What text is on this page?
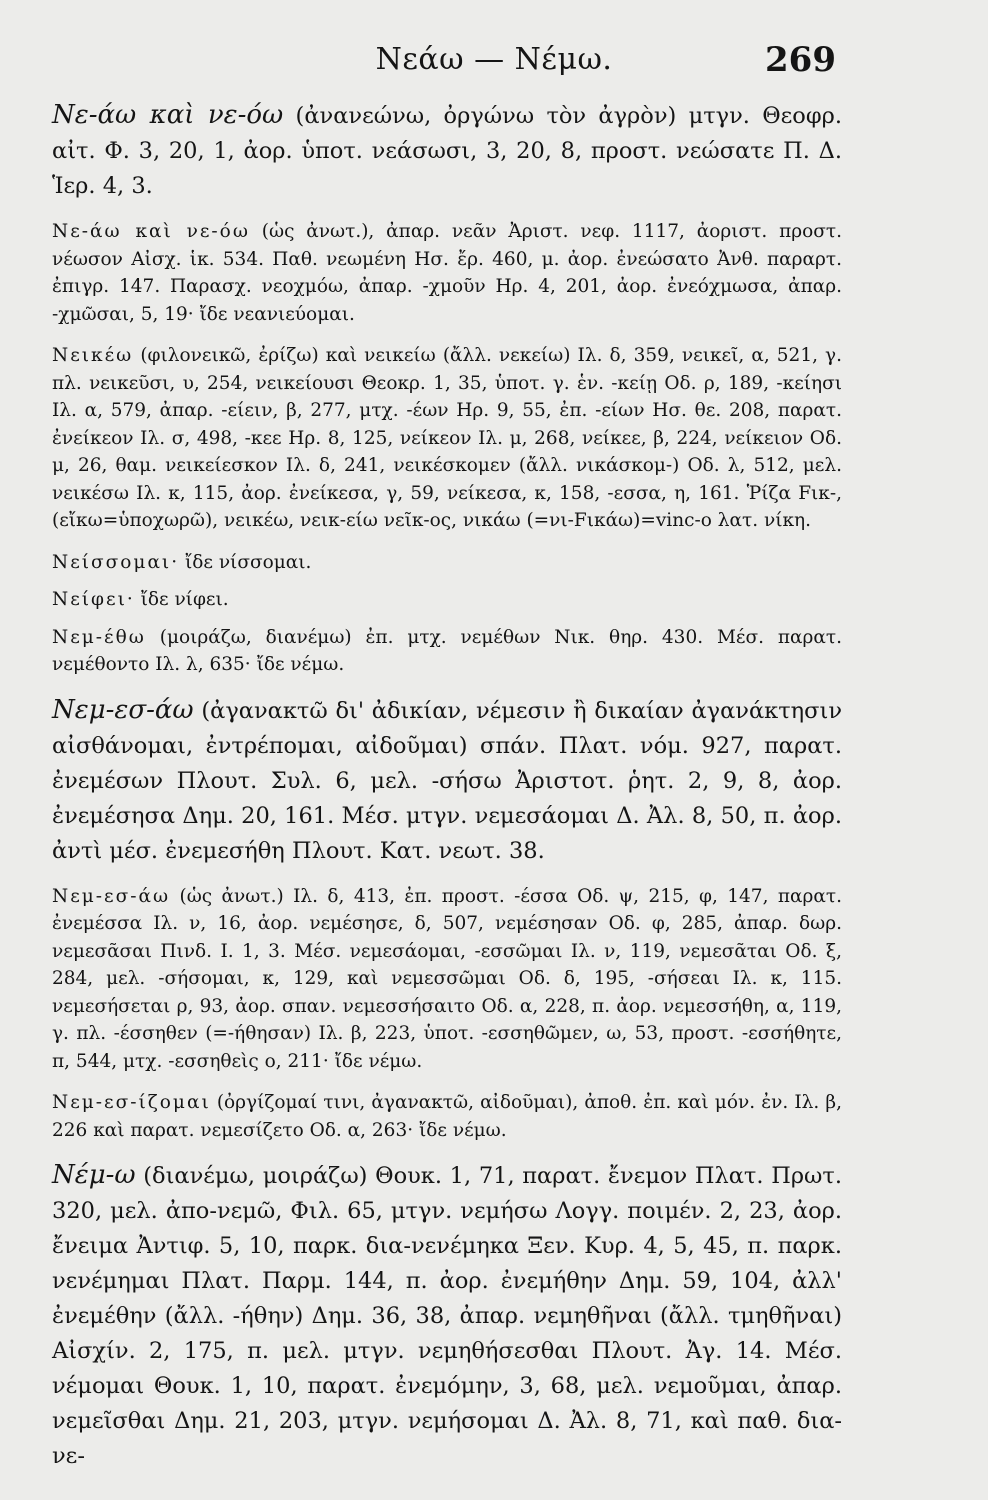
Νεάω — Νέμω.	269

Νε-άω καὶ νε-όω (ἀνανεώνω, ὀργώνω τὸν ἀγρὸν) μτγν. Θεοφρ. αἰτ. Φ. 3, 20, 1, ἀορ. ὑποτ. νεάσωσι, 3, 20, 8, προστ. νεώσατε Π. Δ. Ἱερ. 4, 3.

Νε-άω καὶ νε-όω (ὡς ἀνωτ.), ἀπαρ. νεᾶν Ἀριστ. νεφ. 1117, ἀοριστ. προστ. νέωσον Αἰσχ. ἱκ. 534. Παθ. νεωμένη Ησ. ἔρ. 460, μ. ἀορ. ἐνεώσατο Ἀνθ. παραρτ. ἐπιγρ. 147. Παρασχ. νεοχμόω, ἀπαρ. -χμοῦν Ηρ. 4, 201, ἀορ. ἐνεόχμωσα, ἀπαρ. -χμῶσαι, 5, 19· ἴδε νεανιεύομαι.

Νεικέω (φιλονεικῶ, ἐρίζω) καὶ νεικείω (ἄλλ. νεκείω) Ιλ. δ, 359, νεικεῖ, α, 521, γ. πλ. νεικεῦσι, υ, 254, νεικείουσι Θεοκρ. 1, 35, ὑποτ. γ. ἑν. -κείῃ Οδ. ρ, 189, -κείησι Ιλ. α, 579, ἀπαρ. -είειν, β, 277, μτχ. -έων Ηρ. 9, 55, ἐπ. -είων Ησ. θε. 208, παρατ. ἐνείκεον Ιλ. σ, 498, -κεε Ηρ. 8, 125, νείκεον Ιλ. μ, 268, νείκεε, β, 224, νείκειον Οδ. μ, 26, θαμ. νεικείεσκον Ιλ. δ, 241, νεικέσκομεν (ἄλλ. νικάσκομ-) Οδ. λ, 512, μελ. νεικέσω Ιλ. κ, 115, ἀορ. ἐνείκεσα, γ, 59, νείκεσα, κ, 158, -εσσα, η, 161. Ῥίζα Fικ-, (εἴκω=ὑποχωρῶ), νεικέω, νεικ-είω νεῖκ-ος, νικάω (=νι-Fικάω)=vinc-o λατ. νίκη.

Νείσσομαι· ἴδε νίσσομαι.

Νείφει· ἴδε νίφει.

Νεμ-έθω (μοιράζω, διανέμω) ἐπ. μτχ. νεμέθων Νικ. θηρ. 430. Μέσ. παρατ. νεμέθοντο Ιλ. λ, 635· ἴδε νέμω.

Νεμ-εσ-άω (ἀγανακτῶ δι' ἀδικίαν, νέμεσιν ἢ δικαίαν ἀγανάκτησιν αἰσθάνομαι, ἐντρέπομαι, αἰδοῦμαι) σπάν. Πλατ. νόμ. 927, παρατ. ἐνεμέσων Πλουτ. Συλ. 6, μελ. -σήσω Ἀριστοτ. ῥητ. 2, 9, 8, ἀορ. ἐνεμέσησα Δημ. 20, 161. Μέσ. μτγν. νεμεσάομαι Δ. Ἀλ. 8, 50, π. ἀορ. ἀντὶ μέσ. ἐνεμεσήθη Πλουτ. Κατ. νεωτ. 38.

Νεμ-εσ-άω (ὡς ἀνωτ.) Ιλ. δ, 413, ἐπ. προστ. -έσσα Οδ. ψ, 215, φ, 147, παρατ. ἐνεμέσσα Ιλ. ν, 16, ἀορ. νεμέσησε, δ, 507, νεμέσησαν Οδ. φ, 285, ἀπαρ. δωρ. νεμεσᾶσαι Πινδ. Ι. 1, 3. Μέσ. νεμεσάομαι, -εσσῶμαι Ιλ. ν, 119, νεμεσᾶται Οδ. ξ, 284, μελ. -σήσομαι, κ, 129, καὶ νεμεσσῶμαι Οδ. δ, 195, -σήσεαι Ιλ. κ, 115. νεμεσήσεται ρ, 93, ἀορ. σπαν. νεμεσσήσαιτο Οδ. α, 228, π. ἀορ. νεμεσσήθη, α, 119, γ. πλ. -έσσηθεν (=-ήθησαν) Ιλ. β, 223, ὑποτ. -εσσηθῶμεν, ω, 53, προστ. -εσσήθητε, π, 544, μτχ. -εσσηθεὶς ο, 211· ἴδε νέμω.

Νεμ-εσ-ίζομαι (ὀργίζομαί τινι, ἀγανακτῶ, αἰδοῦμαι), ἀποθ. ἐπ. καὶ μόν. ἐν. Ιλ. β, 226 καὶ παρατ. νεμεσίζετο Οδ. α, 263· ἴδε νέμω.

Νέμ-ω (διανέμω, μοιράζω) Θουκ. 1, 71, παρατ. ἔνεμον Πλατ. Πρωτ. 320, μελ. ἀπο-νεμῶ, Φιλ. 65, μτγν. νεμήσω Λογγ. ποιμέν. 2, 23, ἀορ. ἔνειμα Ἀντιφ. 5, 10, παρκ. δια-νενέμηκα Ξεν. Κυρ. 4, 5, 45, π. παρκ. νενέμημαι Πλατ. Παρμ. 144, π. ἀορ. ἐνεμήθην Δημ. 59, 104, ἀλλ' ἐνεμέθην (ἄλλ. -ήθην) Δημ. 36, 38, ἀπαρ. νεμηθῆναι (ἄλλ. τμηθῆναι) Αἰσχίν. 2, 175, π. μελ. μτγν. νεμηθήσεσθαι Πλουτ. Ἀγ. 14. Μέσ. νέμομαι Θουκ. 1, 10, παρατ. ἐνεμόμην, 3, 68, μελ. νεμοῦμαι, ἀπαρ. νεμεῖσθαι Δημ. 21, 203, μτγν. νεμήσομαι Δ. Ἀλ. 8, 71, καὶ παθ. δια-νε-
